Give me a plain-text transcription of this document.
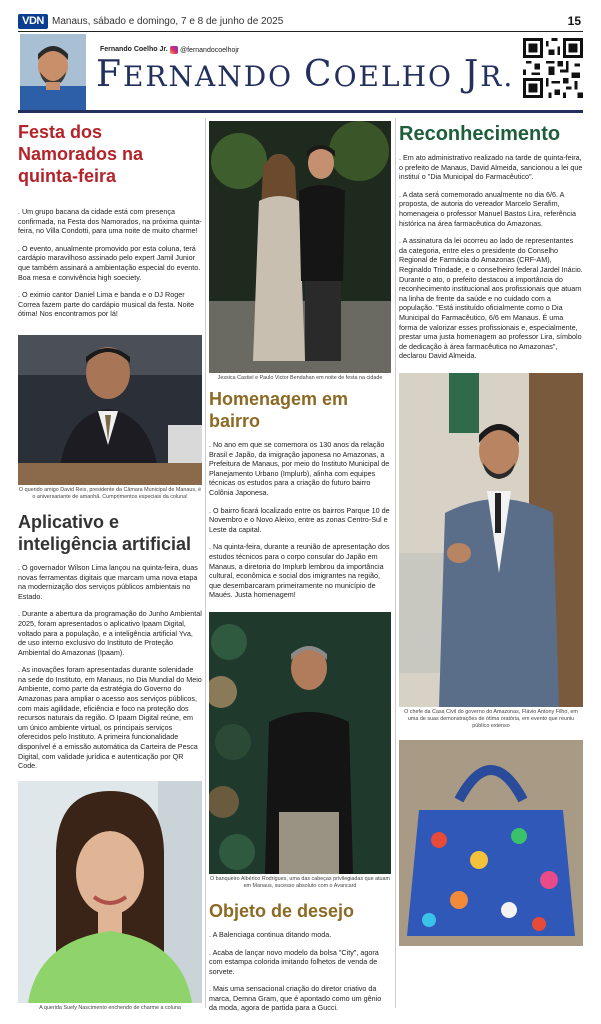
VDN Manaus, sábado e domingo, 7 e 8 de junho de 2025	15
Fernando Coelho Jr. @fernandocoelhojr
FERNANDO COELHO JR.
Festa dos Namorados na quinta-feira

. Um grupo bacana da cidade está com presença confirmada, na Festa dos Namorados, na próxima quinta-feira, no Villa Condotti, para uma noite de muito charme!

. O evento, anualmente promovido por esta coluna, terá cardápio maravilhoso assinado pelo expert Jamil Junior que também assinará a ambientação especial do evento. Boa mesa e convivência high soeciety.

. O eximio cantor Daniel Lima e banda e o DJ Roger Correa fazem parte do cardápio musical da festa. Noite ótima! Nos encontramos por lá!

O querido amigo David Reis, presidente da Câmara Municipal de Manaus, é o aniversariante de amanhã. Cumprimentos especiais da coluna!
Aplicativo e inteligência artificial

. O governador Wilson Lima lançou na quinta-feira, duas novas ferramentas digitais que marcam uma nova etapa na modernização dos serviços públicos ambientais no Estado.

. Durante a abertura da programação do Junho Ambiental 2025, foram apresentados o aplicativo Ipaam Digital, voltado para a população, e a inteligência artificial Yva, de uso interno exclusivo do Instituto de Proteção Ambiental do Amazonas (Ipaam).

. As inovações foram apresentadas durante solenidade na sede do Instituto, em Manaus, no Dia Mundial do Meio Ambiente, como parte da estratégia do Governo do Amazonas para ampliar o acesso aos serviços públicos, com mais agilidade, eficiência e foco na proteção dos recursos naturais da região. O Ipaam Digital reúne, em um único ambiente virtual, os principais serviços oferecidos pelo Instituto. A primeira funcionalidade disponível é a emissão automática da Carteira de Pesca Digital, com validade jurídica e autenticação por QR Code.

A querida Suely Nascimento enchendo de charme a coluna
Jessica Castiel e Paulo Victor Bendahan em noite de festa na cidade
Homenagem em bairro

. No ano em que se comemora os 130 anos da relação Brasil e Japão, da imigração japonesa no Amazonas, a Prefeitura de Manaus, por meio do Instituto Municipal de Planejamento Urbano (Implurb), alinha com equipes técnicas os estudos para a criação do futuro bairro Colônia Japonesa.

. O bairro ficará localizado entre os bairros Parque 10 de Novembro e o Novo Aleixo, entre as zonas Centro-Sul e Leste da capital.

. Na quinta-feira, durante a reunião de apresentação dos estudos técnicos para o corpo consular do Japão em Manaus, a diretoria do Implurb lembrou da importância cultural, econômica e social dos imigrantes na região, que desembarcaram primeiramente no município de Maués. Justa homenagem!

O banqueiro Albérico Rodrigues, uma das cabeças privilegiadas que atuam em Manaus, sucesso absoluto com o Avancard
Objeto de desejo

. A Balenciaga continua ditando moda.

. Acaba de lançar novo modelo da bolsa "City", agora com estampa colorida imitando folhetos de venda de sorvete.

. Mais uma sensacional criação do diretor criativo da marca, Demna Gram, que é apontado como um gênio da moda, agora de partida para a Gucci.

Reconhecimento

. Em ato administrativo realizado na tarde de quinta-feira, o prefeito de Manaus, David Almeida, sancionou a lei que instituí o "Dia Municipal do Farmacêutico".

. A data será comemorado anualmente no dia 6/6. A proposta, de autoria do vereador Marcelo Serafim, homenageia o professor Manuel Bastos Lira, referência histórica na área farmacêutica do Amazonas.

. A assinatura da lei ocorreu ao lado de representantes da categoria, entre eles o presidente do Conselho Regional de Farmácia do Amazonas (CRF-AM), Reginaldo Trindade, e o conselheiro federal Jardel Inácio. Durante o ato, o prefeito destacou a importância do reconhecimento institucional aos profissionais que atuam na linha de frente da saúde e no cuidado com a população. "Está instituído oficialmente como o Dia Municipal do Farmacêutico, 6/6 em Manaus. É uma forma de valorizar esses profissionais e, especialmente, prestar uma justa homenagem ao professor Lira, símbolo de dedicação à área farmacêutica no Amazonas", declarou David Almeida.

O chefe da Casa Civil do governo do Amazonas, Flávio Antony Filho, em uma de suas demonstrações de ótima oratória, em evento que reuniu público extenso
